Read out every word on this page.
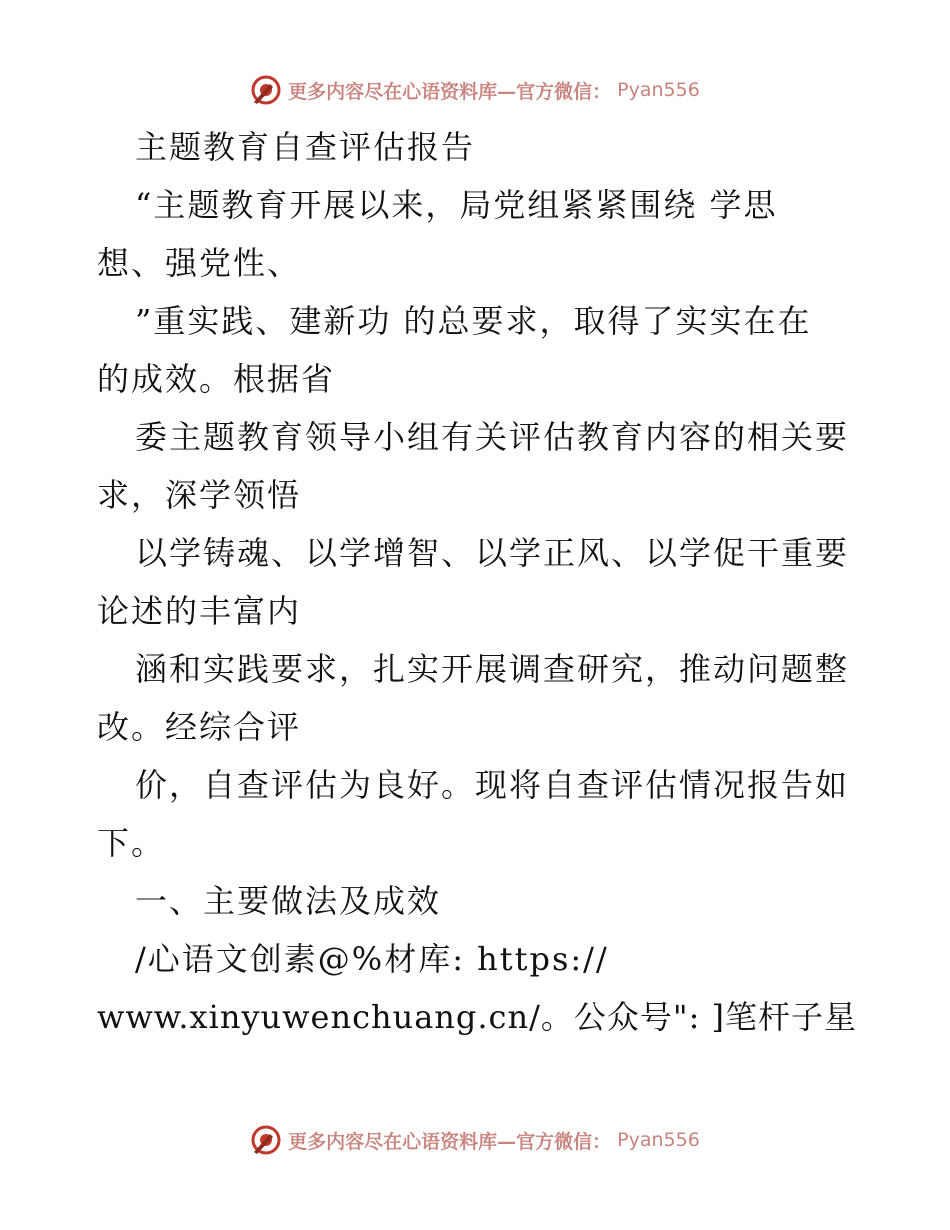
更多内容尽在心语资料库—官方微信： Pyan556
主题教育自查评估报告
“主题教育开展以来，局党组紧紧围绕 学思
想、强党性、
”重实践、建新功 的总要求，取得了实实在在
的成效。根据省
委主题教育领导小组有关评估教育内容的相关要
求，深学领悟
以学铸魂、以学增智、以学正风、以学促干重要
论述的丰富内
涵和实践要求，扎实开展调查研究，推动问题整
改。经综合评
价，自查评估为良好。现将自查评估情况报告如
下。
一、主要做法及成效
/心语文创素@%材库: https://
www.xinyuwenchuang.cn/。公众号": ]笔杆子星
更多内容尽在心语资料库—官方微信： Pyan556
